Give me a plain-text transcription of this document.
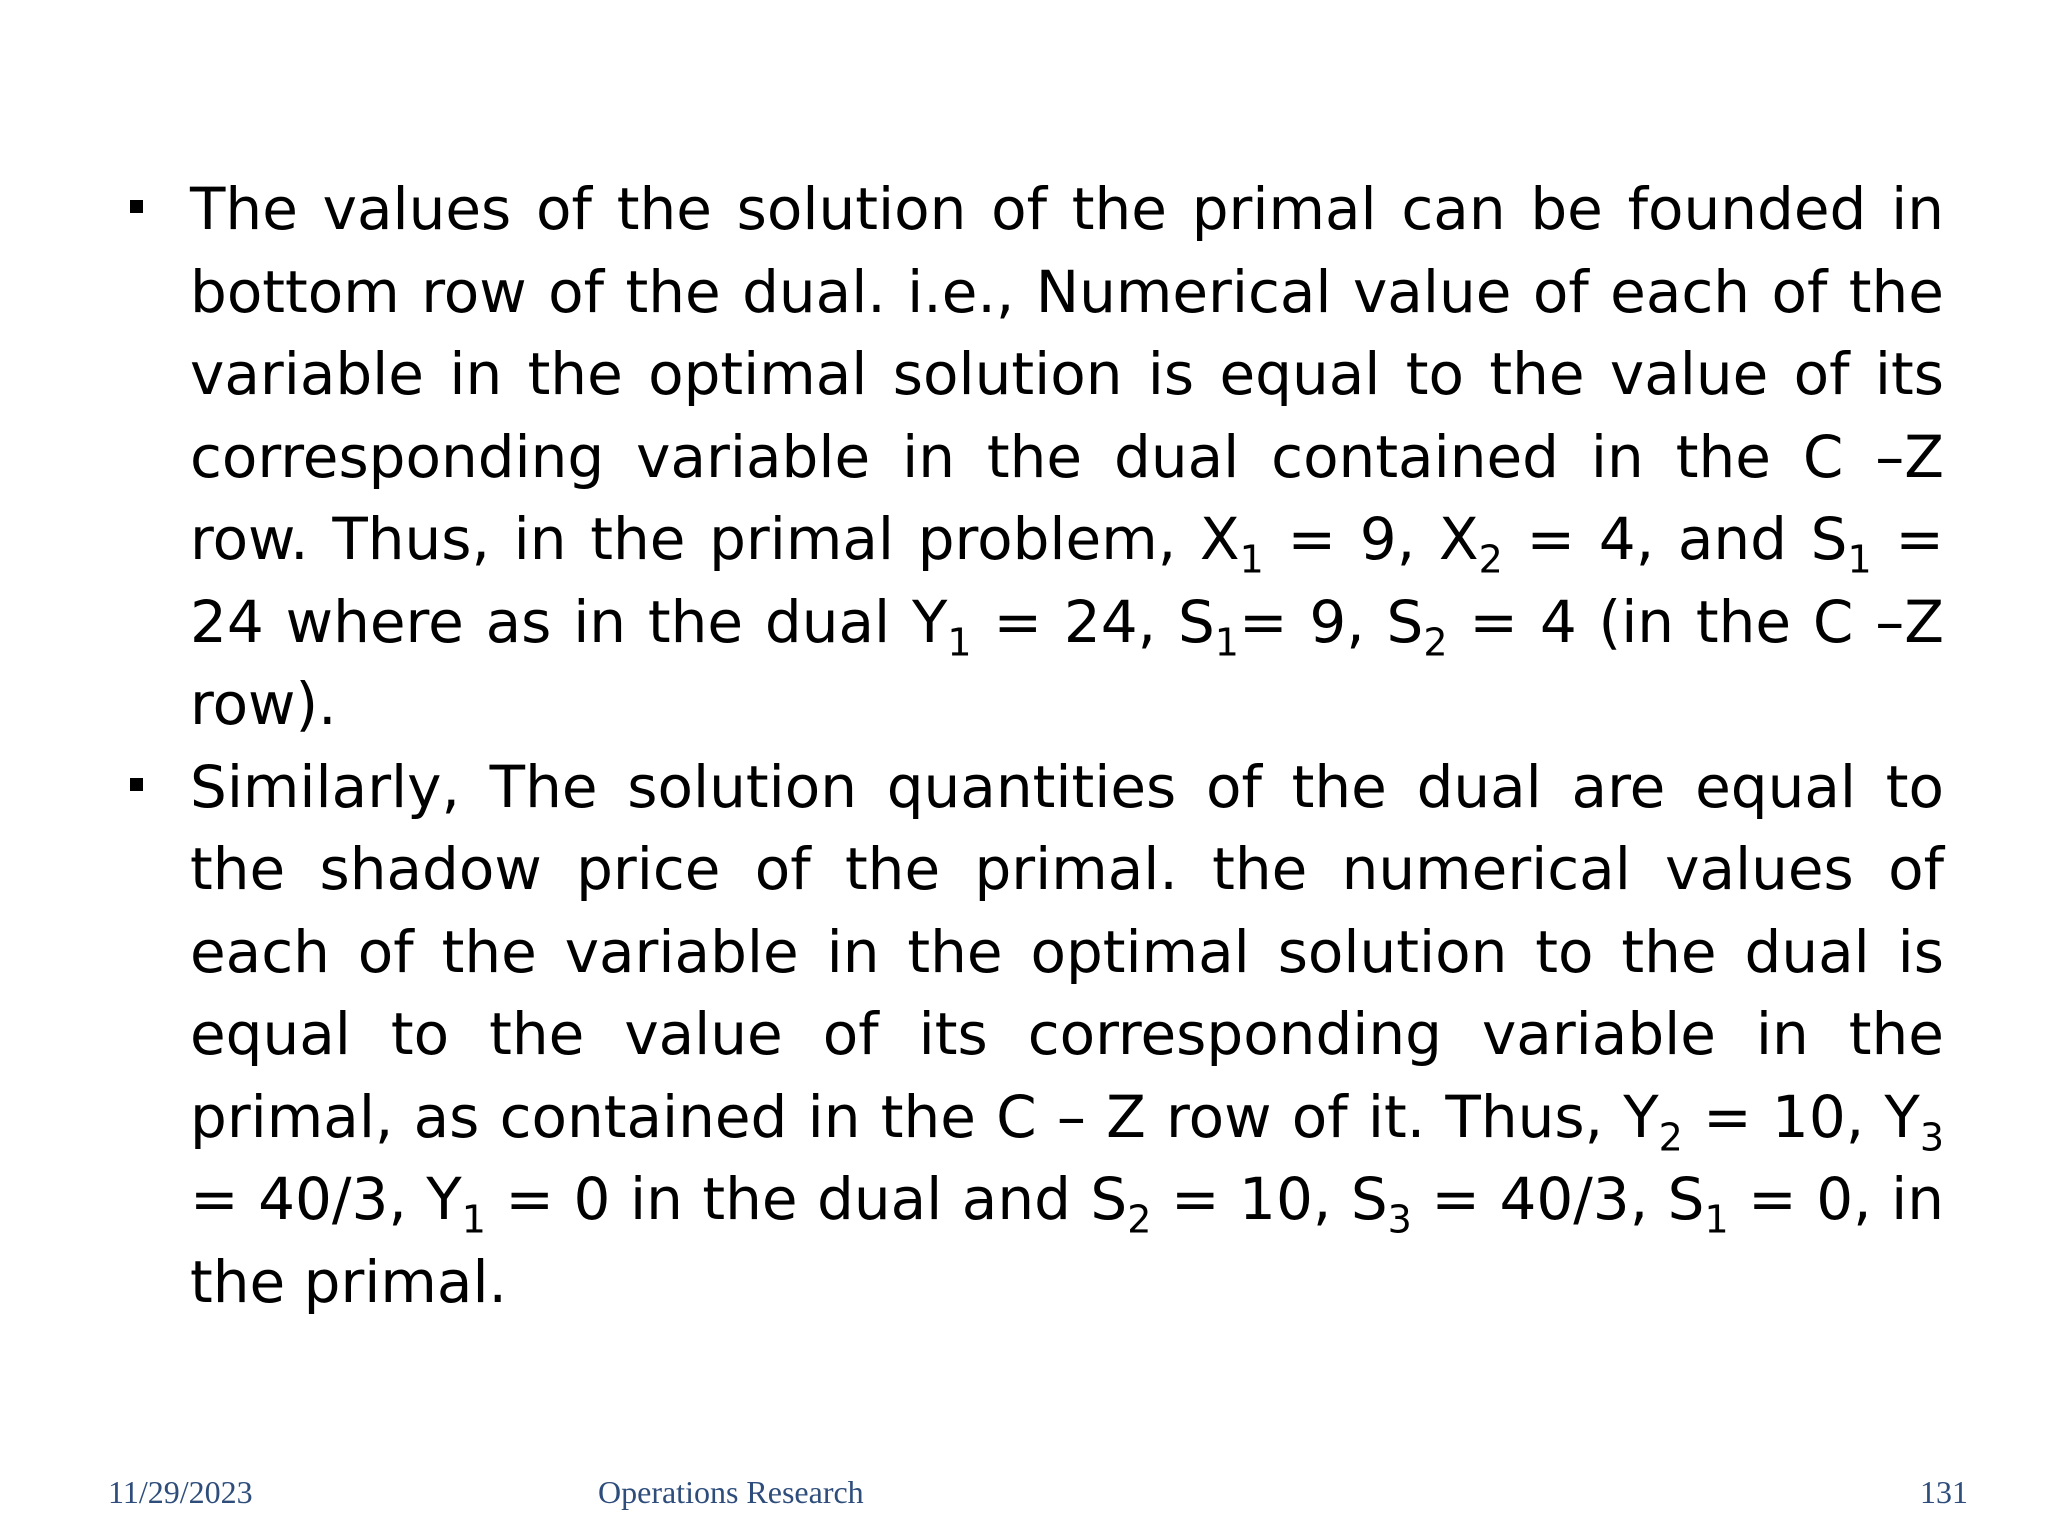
The values of the solution of the primal can be founded in bottom row of the dual. i.e., Numerical value of each of the variable in the optimal solution is equal to the value of its corresponding variable in the dual contained in the C –Z row. Thus, in the primal problem, $X_1 = 9$, $X_2 = 4$, and $S_1 = 24$ where as in the dual $Y_1 = 24$, $S_1= 9$, $S_2 = 4$ (in the C –Z row).

Similarly, The solution quantities of the dual are equal to the shadow price of the primal. the numerical values of each of the variable in the optimal solution to the dual is equal to the value of its corresponding variable in the primal, as contained in the C – Z row of it. Thus, $Y_2 = 10$, $Y_3 = 40/3$, $Y_1 = 0$ in the dual and $S_2 = 10$, $S_3 = 40/3$, $S_1 = 0$, in the primal.

11/29/2023	Operations Research	131
